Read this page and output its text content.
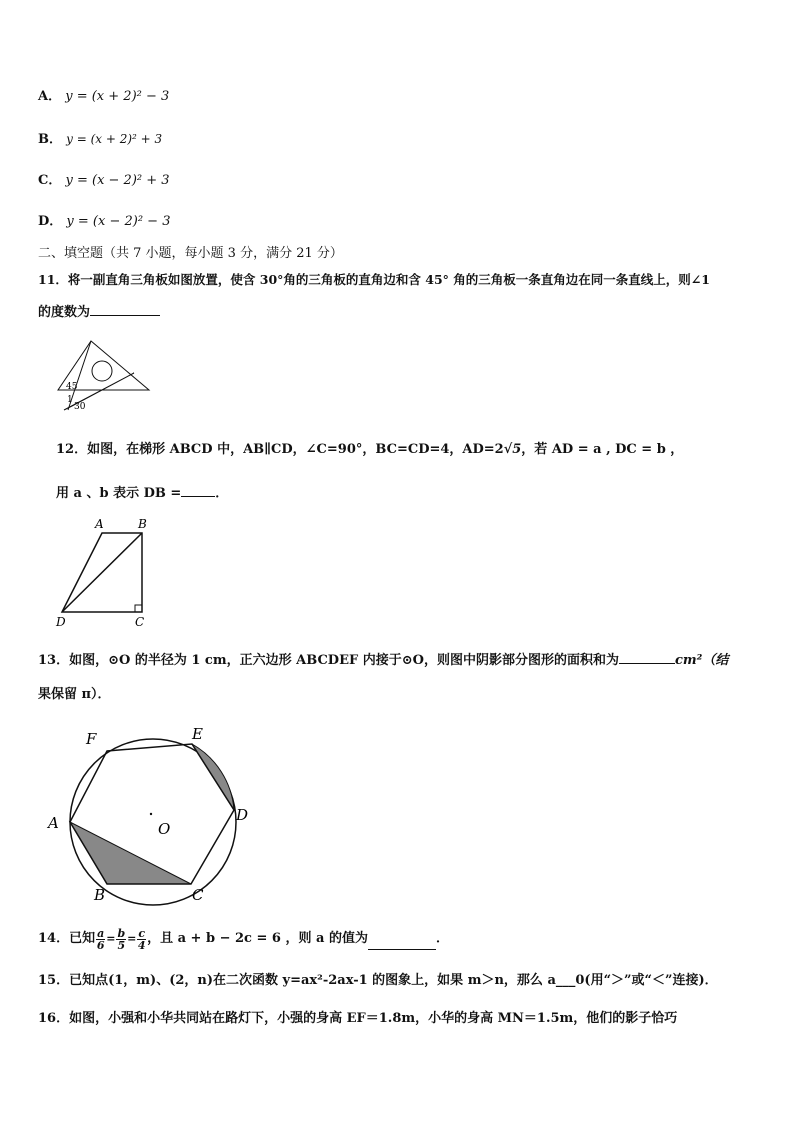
A． y = (x + 2)² − 3
B． y = (x + 2)² + 3
C． y = (x − 2)² + 3
D． y = (x − 2)² − 3
二、填空题（共 7 小题，每小题 3 分，满分 21 分）
11．将一副直角三角板如图放置，使含 30°角的三角板的直角边和含 45° 角的三角板一条直角边在同一条直线上，则∠1
的度数为
45
1
30
12．如图，在梯形 ABCD 中，AB∥CD，∠C=90°，BC=CD=4，AD=2√5，若 AD = a , DC = b ，
用 a 、b 表示 DB =	．
A	B
C
D
13．如图，⊙O 的半径为 1 cm，正六边形 ABCDEF 内接于⊙O，则图中阴影部分图形的面积和为	cm²（结
果保留 π）．
A
B	C
D
E
F
O
14．已知 $\frac{a}{6} = \frac{b}{5} = \frac{c}{4}$ ，且 a + b − 2c = 6 ，则 a 的值为	．
15．已知点(1，m)、(2，n)在二次函数 y=ax²-2ax-1 的图象上，如果 m＞n，那么 a___0(用“＞”或“＜”连接)．
16．如图，小强和小华共同站在路灯下，小强的身高 EF＝1.8m，小华的身高 MN＝1.5m，他们的影子恰巧
